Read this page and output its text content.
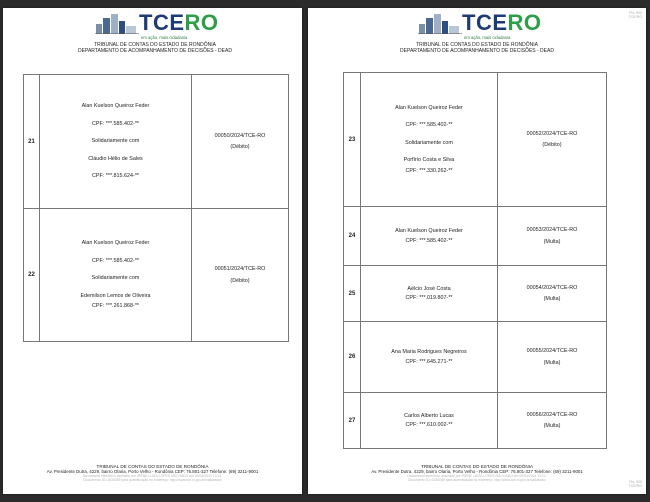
TCERO
em ação, mais cidadania
TRIBUNAL DE CONTAS DO ESTADO DE RONDÔNIA
DEPARTAMENTO DE ACOMPANHAMENTO DE DECISÕES - DEAD
21	Alan Kuelson Queiroz Feder
CPF: ***.585.402-**
Solidariamente com
Cláudio Hélio de Sales
CPF: ***.815.624-**	00050/2024/TCE-RO
(Débito)

22	Alan Kuelson Queiroz Feder
CPF: ***.585.402-**
Solidariamente com
Edemilson Lemos de Oliveira
CPF: ***.261.868-**	00051/2024/TCE-RO
(Débito)
TRIBUNAL DE CONTAS DO ESTADO DE RONDÔNIA
Av. Presidente Dutra, 4229, bairro Olaria, Porto Velho - Rondônia CEP: 76.801-327 Telefone: (69) 3211-9001
Documento eletrônico assinado por IRENE LUIZA LOPES MACHADO em 09/04/2024 13:12.
Documento ID=1530089 para autenticação no endereço: http://www.tce.ro.gov.br/validardoc
Fls. 900
TCE/RO
TCERO
em ação, mais cidadania
TRIBUNAL DE CONTAS DO ESTADO DE RONDÔNIA
DEPARTAMENTO DE ACOMPANHAMENTO DE DECISÕES - DEAD
23	Alan Kuelson Queiroz Feder
CPF: ***.585.402-**
Solidariamente com
Porfírio Costa e Silva
CPF: ***.330.262-**	00052/2024/TCE-RO
(Débito)

24	Alan Kuelson Queiroz Feder
CPF: ***.585.402-**	00053/2024/TCE-RO
(Multa)

25	Aélcio José Costa
CPF: ***.019.807-**	00054/2024/TCE-RO
(Multa)

26	Ana Maria Rodrigues Negreiros
CPF: ***.645.271-**	00055/2024/TCE-RO
(Multa)

27	Carlos Alberto Lucas
CPF: ***.610.002-**	00056/2024/TCE-RO
(Multa)
TRIBUNAL DE CONTAS DO ESTADO DE RONDÔNIA
Av. Presidente Dutra, 4229, bairro Olaria, Porto Velho - Rondônia CEP: 76.801-327 Telefone: (69) 3211-9001
Documento eletrônico assinado por IRENE LUIZA LOPES MACHADO em 09/04/2024 13:12.
Documento ID=1530089 para autenticação no endereço: http://www.tce.ro.gov.br/validardoc	Fls. 900
TCE/RO
